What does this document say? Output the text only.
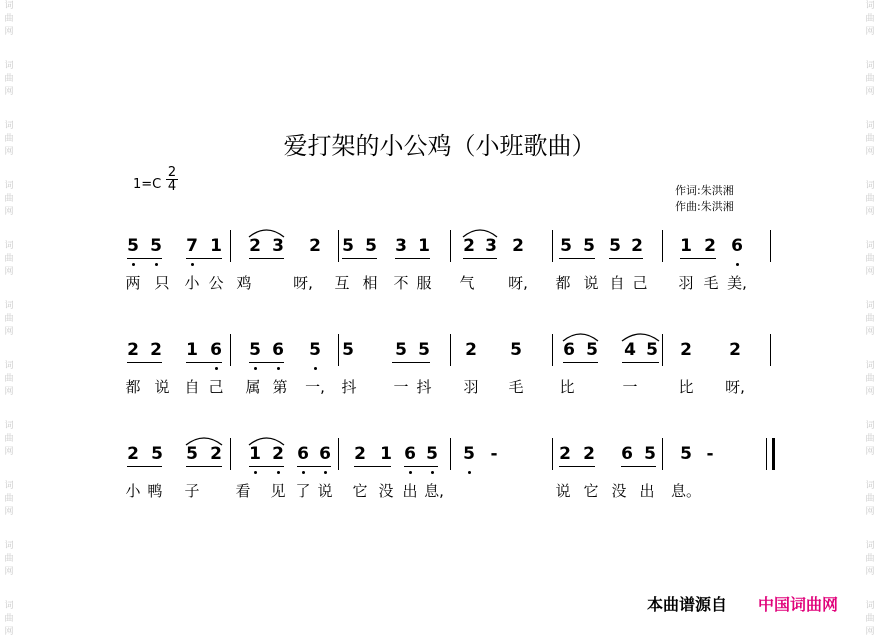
词
曲
网
词
曲
网
词
曲
网
词
曲
网
词
曲
网
词
曲
网
词
曲
网
词
曲
网
词
曲
网
词
曲
网
词
曲
网
词
曲
网
词
曲
网
词
曲
网
词
曲
网
词
曲
网
词
曲
网
词
曲
网
词
曲
网
词
曲
网
词
曲
网
词
曲
网
爱打架的小公鸡（小班歌曲）
$1=C \frac{2}{4}$	作词:朱洪湘
作曲:朱洪湘
5 5 7 1 2 3 2 5 5 3 1 2 3 2 5 5 5 2 1 2 6
两 只 小 公 鸡	呀, 互 相 不 服 气 呀, 都 说 自 己 羽 毛 美,
2 2 1 6 5 6 5 5 5 5 2 5 6 5 4 5 2 2
都 说 自 己 属 第 一, 抖 一 抖 羽 毛 比	一	比 呀,
2 5 5 2 1 2 6 6 2 1 6 5 5 -	2 2 6 5 5 -
小 鸭 子 看 见 了 说 它 没 出 息,	说 它 没 出 息。
本曲谱源自 中国词曲网
